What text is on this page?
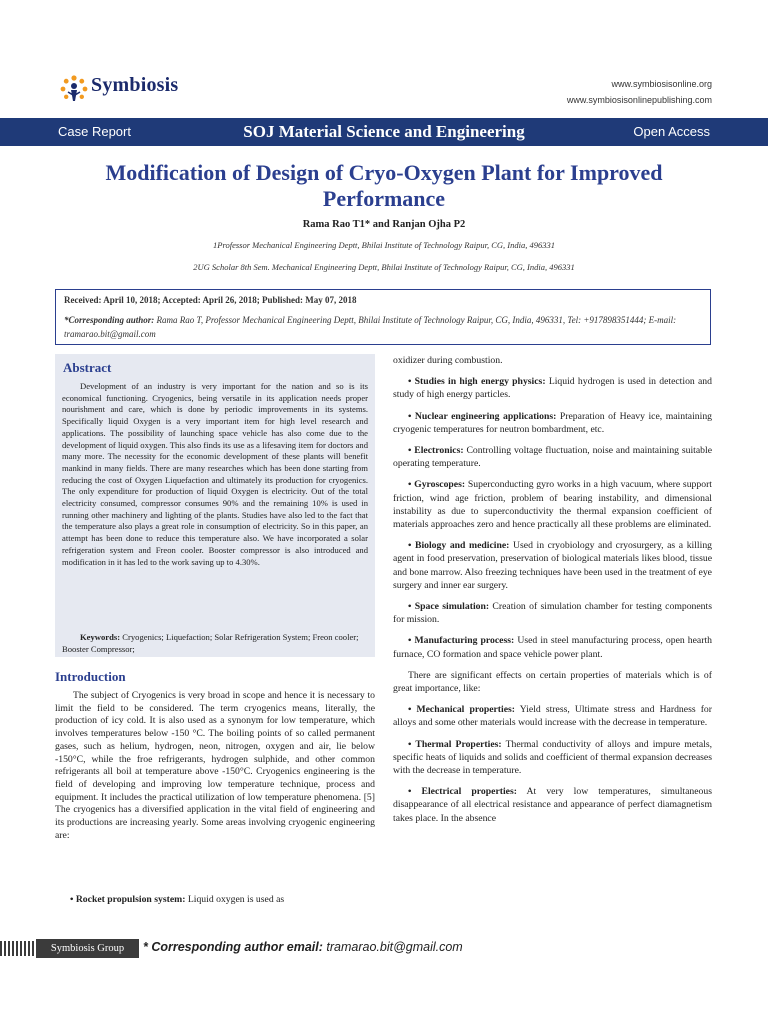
Symbiosis	www.symbiosisonline.org
www.symbiosisonlinepublishing.com
Case Report	SOJ Material Science and Engineering	Open Access
Modification of Design of Cryo-Oxygen Plant for Improved Performance
Rama Rao T1* and Ranjan Ojha P2
1Professor Mechanical Engineering Deptt, Bhilai Institute of Technology Raipur, CG, India, 496331
2UG Scholar 8th Sem. Mechanical Engineering Deptt, Bhilai Institute of Technology Raipur, CG, India, 496331
Received: April 10, 2018; Accepted: April 26, 2018; Published: May 07, 2018
*Corresponding author: Rama Rao T, Professor Mechanical Engineering Deptt, Bhilai Institute of Technology Raipur, CG, India, 496331, Tel: +917898351444; E-mail: tramarao.bit@gmail.com
Abstract
Development of an industry is very important for the nation and so is its economical functioning. Cryogenics, being versatile in its application needs proper nourishment and care, which is done by periodic improvements in its systems. Specifically liquid Oxygen is a very important item for high level research and applications. The possibility of launching space vehicle has also come due to the development of liquid oxygen. This also finds its use as a lifesaving item for doctors and many more. The necessity for the economic development of these plants will benefit mankind in many fields. There are many researches which has been done starting from reducing the cost of Oxygen Liquefaction and ultimately its production for cryogenics. The only expenditure for production of liquid Oxygen is electricity. Out of the total electricity consumed, compressor consumes 90% and the remaining 10% is used in running other machinery and lighting of the plants. Studies have also led to the fact that the temperature also plays a great role in consumption of electricity. So in this paper, an attempt has been done to reduce this temperature also. We have incorporated a solar refrigeration system and Freon cooler. Booster compressor is also introduced and modification in it has led to the work saving up to 4.30%.
Keywords: Cryogenics; Liquefaction; Solar Refrigeration System; Freon cooler; Booster Compressor;
Introduction
The subject of Cryogenics is very broad in scope and hence it is necessary to limit the field to be considered. The term cryogenics means, literally, the production of icy cold. It is also used as a synonym for low temperature, which involves temperatures below -150 °C. The boiling points of so called permanent gases, such as helium, hydrogen, neon, nitrogen, oxygen and air, lie below -150°C, while the froe refrigerants, hydrogen sulphide, and other common refrigerants all boil at temperature above -150°C. Cryogenics engineering is the field of developing and improving low temperature technique, process and equipment. It includes the practical utilization of low temperature phenomena. [5] The cryogenics has a diversified application in the vital field of engineering and its productions are increasing yearly. Some areas involving cryogenic engineering are:
• Rocket propulsion system: Liquid oxygen is used as

oxidizer during combustion.

• Studies in high energy physics: Liquid hydrogen is used in detection and study of high energy particles.

• Nuclear engineering applications: Preparation of Heavy ice, maintaining cryogenic temperatures for neutron bombardment, etc.

• Electronics: Controlling voltage fluctuation, noise and maintaining suitable operating temperature.

• Gyroscopes: Superconducting gyro works in a high vacuum, where support friction, wind age friction, problem of bearing instability, and dimensional instability as due to superconductivity the thermal expansion coefficient of materials approaches zero and hence practically all these problems are eliminated.

• Biology and medicine: Used in cryobiology and cryosurgery, as a killing agent in food preservation, preservation of biological materials likes blood, tissue and bone marrow. Also freezing techniques have been used in the treatment of eye surgery and inner ear surgery.

• Space simulation: Creation of simulation chamber for testing components for mission.

• Manufacturing process: Used in steel manufacturing process, open hearth furnace, CO formation and space vehicle power plant.

There are significant effects on certain properties of materials which is of great importance, like:

• Mechanical properties: Yield stress, Ultimate stress and Hardness for alloys and some other materials would increase with the decrease in temperature.

• Thermal Properties: Thermal conductivity of alloys and impure metals, specific heats of liquids and solids and coefficient of thermal expansion decreases with the decrease in temperature.

• Electrical properties: At very low temperatures, simultaneous disappearance of all electrical resistance and appearance of perfect diamagnetism takes place. In the absence

Symbiosis Group	* Corresponding author email: tramarao.bit@gmail.com
